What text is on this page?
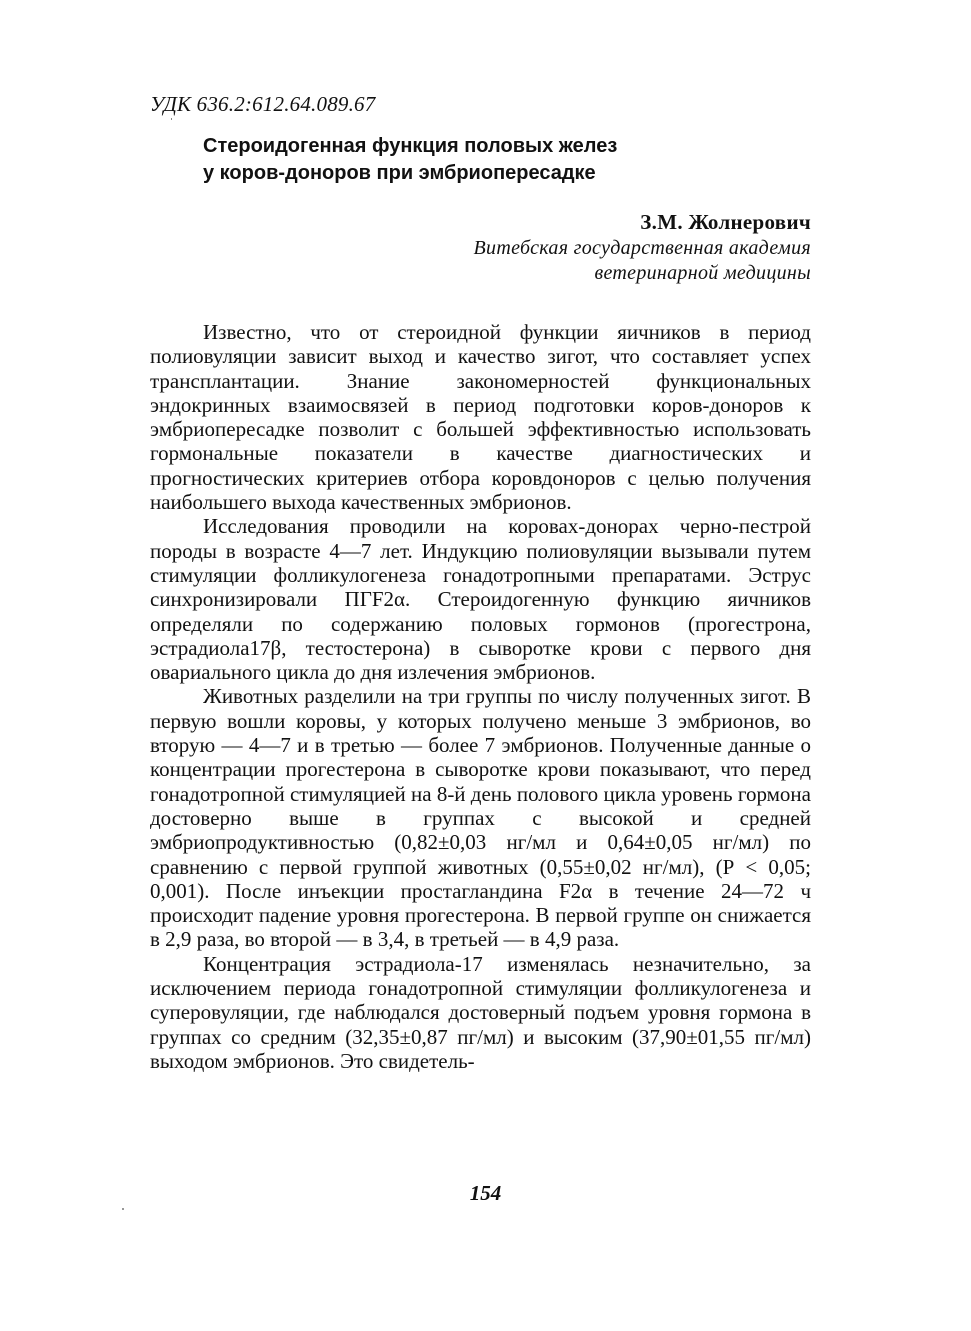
УДК 636.2:612.64.089.67
Стероидогенная функция половых желез
у коров-доноров при эмбриопересадке
З.М. Жолнерович
Витебская государственная академия
ветеринарной медицины

Известно, что от стероидной функции яичников в период полиовуляции зависит выход и качество зигот, что составляет успех трансплантации. Знание закономерностей функциональных эндокринных взаимосвязей в период подготовки коров-доноров к эмбриопересадке позволит с большей эффективностью использовать гормональные показатели в качестве диагностических и прогностических критериев отбора коровдоноров с целью получения наибольшего выхода качественных эмбрионов.

Исследования проводили на коровах-донорах черно-пестрой породы в возрасте 4—7 лет. Индукцию полиовуляции вызывали путем стимуляции фолликулогенеза гонадотропными препаратами. Эструс синхронизировали ПГF2α. Стероидогенную функцию яичников определяли по содержанию половых гормонов (прогестрона, эстрадиола17β, тестостерона) в сыворотке крови с первого дня овариального цикла до дня излечения эмбрионов.

Животных разделили на три группы по числу полученных зигот. В первую вошли коровы, у которых получено меньше 3 эмбрионов, во вторую — 4—7 и в третью — более 7 эмбрионов. Полученные данные о концентрации прогестерона в сыворотке крови показывают, что перед гонадотропной стимуляцией на 8-й день полового цикла уровень гормона достоверно выше в группах с высокой и средней эмбриопродуктивностью (0,82±0,03 нг/мл и 0,64±0,05 нг/мл) по сравнению с первой группой животных (0,55±0,02 нг/мл), (Р < 0,05; 0,001). После инъекции простагландина F2α в течение 24—72 ч происходит падение уровня прогестерона. В первой группе он снижается в 2,9 раза, во второй — в 3,4, в третьей — в 4,9 раза.

Концентрация эстрадиола-17 изменялась незначительно, за исключением периода гонадотропной стимуляции фолликулогенеза и суперовуляции, где наблюдался достоверный подъем уровня гормона в группах со средним (32,35±0,87 пг/мл) и высоким (37,90±01,55 пг/мл) выходом эмбрионов. Это свидетель-

154
